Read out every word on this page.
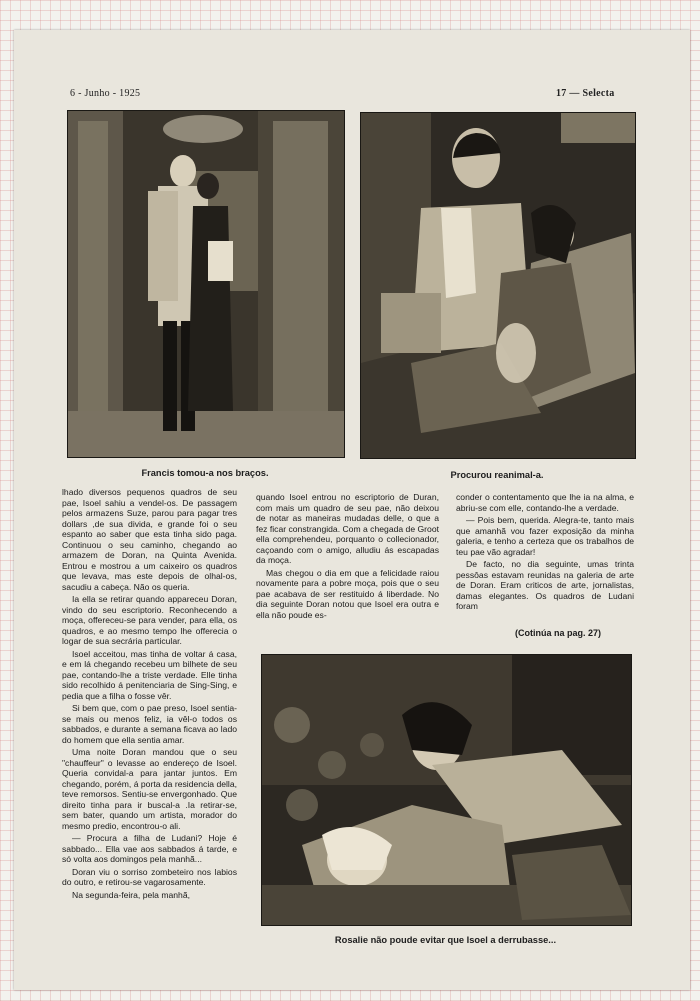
6 - Junho - 1925	17 — Selecta
Francis tomou-a nos braços.	Procurou reanimal-a.

lhado diversos pequenos quadros de seu pae, Isoel sahiu a vendel-os. De passagem pelos armazens Suze, parou para pagar tres dollars ,de sua divida, e grande foi o seu espanto ao saber que esta tinha sido paga. Continuou o seu caminho, chegando ao armazem de Doran, na Quinta Avenida. Entrou e mostrou a um caixeiro os quadros que levava, mas este depois de olhal-os, sacudiu a cabeça. Não os queria.

Ia ella se retirar quando appareceu Doran, vindo do seu escriptorio. Reconhecendo a moça, offereceu-se para vender, para ella, os quadros, e ao mesmo tempo lhe offerecia o logar de sua secrária particular.

Isoel acceitou, mas tinha de voltar á casa, e em lá chegando recebeu um bilhete de seu pae, contando-lhe a triste verdade. Elle tinha sido recolhido á penitenciaria de Sing-Sing, e pedia que a filha o fosse vêr.

Si bem que, com o pae preso, Isoel sentia-se mais ou menos feliz, ia vêl-o todos os sabbados, e durante a semana ficava ao lado do homem que ella sentia amar.

Uma noite Doran mandou que o seu "chauffeur" o levasse ao endereço de Isoel. Queria convidal-a para jantar juntos. Em chegando, porém, á porta da residencia della, teve remorsos. Sentiu-se envergonhado. Que direito tinha para ir buscal-a .Ia retirar-se, sem bater, quando um artista, morador do mesmo predio, encontrou-o ali.

— Procura a filha de Ludani? Hoje é sabbado... Ella vae aos sabbados á tarde, e só volta aos domingos pela manhã...

Doran viu o sorriso zombeteiro nos labios do outro, e retirou-se vagarosamente.

Na segunda-feira, pela manhã,

quando Isoel entrou no escriptorio de Duran, com mais um quadro de seu pae, não deixou de notar as maneiras mudadas delle, o que a fez ficar constrangida. Com a chegada de Groot ella comprehendeu, porquanto o collecionador, caçoando com o amigo, alludiu ás escapadas da moça.

Mas chegou o dia em que a felicidade raiou novamente para a pobre moça, pois que o seu pae acabava de ser restituido á liberdade. No dia seguinte Doran notou que Isoel era outra e ella não poude es-

conder o contentamento que lhe ia na alma, e abriu-se com elle, contando-lhe a verdade.

— Pois bem, querida. Alegra-te, tanto mais que amanhã vou fazer exposição da minha galeria, e tenho a certeza que os trabalhos de teu pae vão agradar!

De facto, no dia seguinte, umas trinta pessôas estavam reunidas na galeria de arte de Doran. Eram criticos de arte, jornalistas, damas elegantes. Os quadros de Ludani foram

(Cotinúa na pag. 27)
Rosalie não poude evitar que Isoel a derrubasse...
